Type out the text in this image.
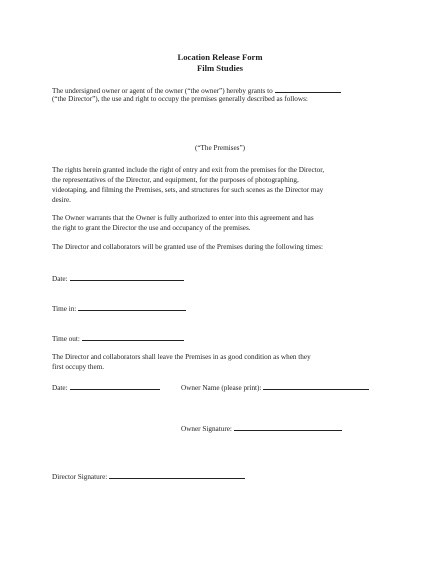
Location Release Form
Film Studies
The undersigned owner or agent of the owner (“the owner”) hereby grants to
(“the Director”), the use and right to occupy the premises generally described as follows:
(“The Premises”)
The rights herein granted include the right of entry and exit from the premises for the Director,
the representatives of the Director, and equipment, for the purposes of photographing,
videotaping, and filming the Premises, sets, and structures for such scenes as the Director may
desire.
The Owner warrants that the Owner is fully authorized to enter into this agreement and has
the right to grant the Director the use and occupancy of the premises.
The Director and collaborators will be granted use of the Premises during the following times:
Date:
Time in:
Time out:
The Director and collaborators shall leave the Premises in as good condition as when they
first occupy them.
Date:	Owner Name (please print):
Owner Signature:
Director Signature:
